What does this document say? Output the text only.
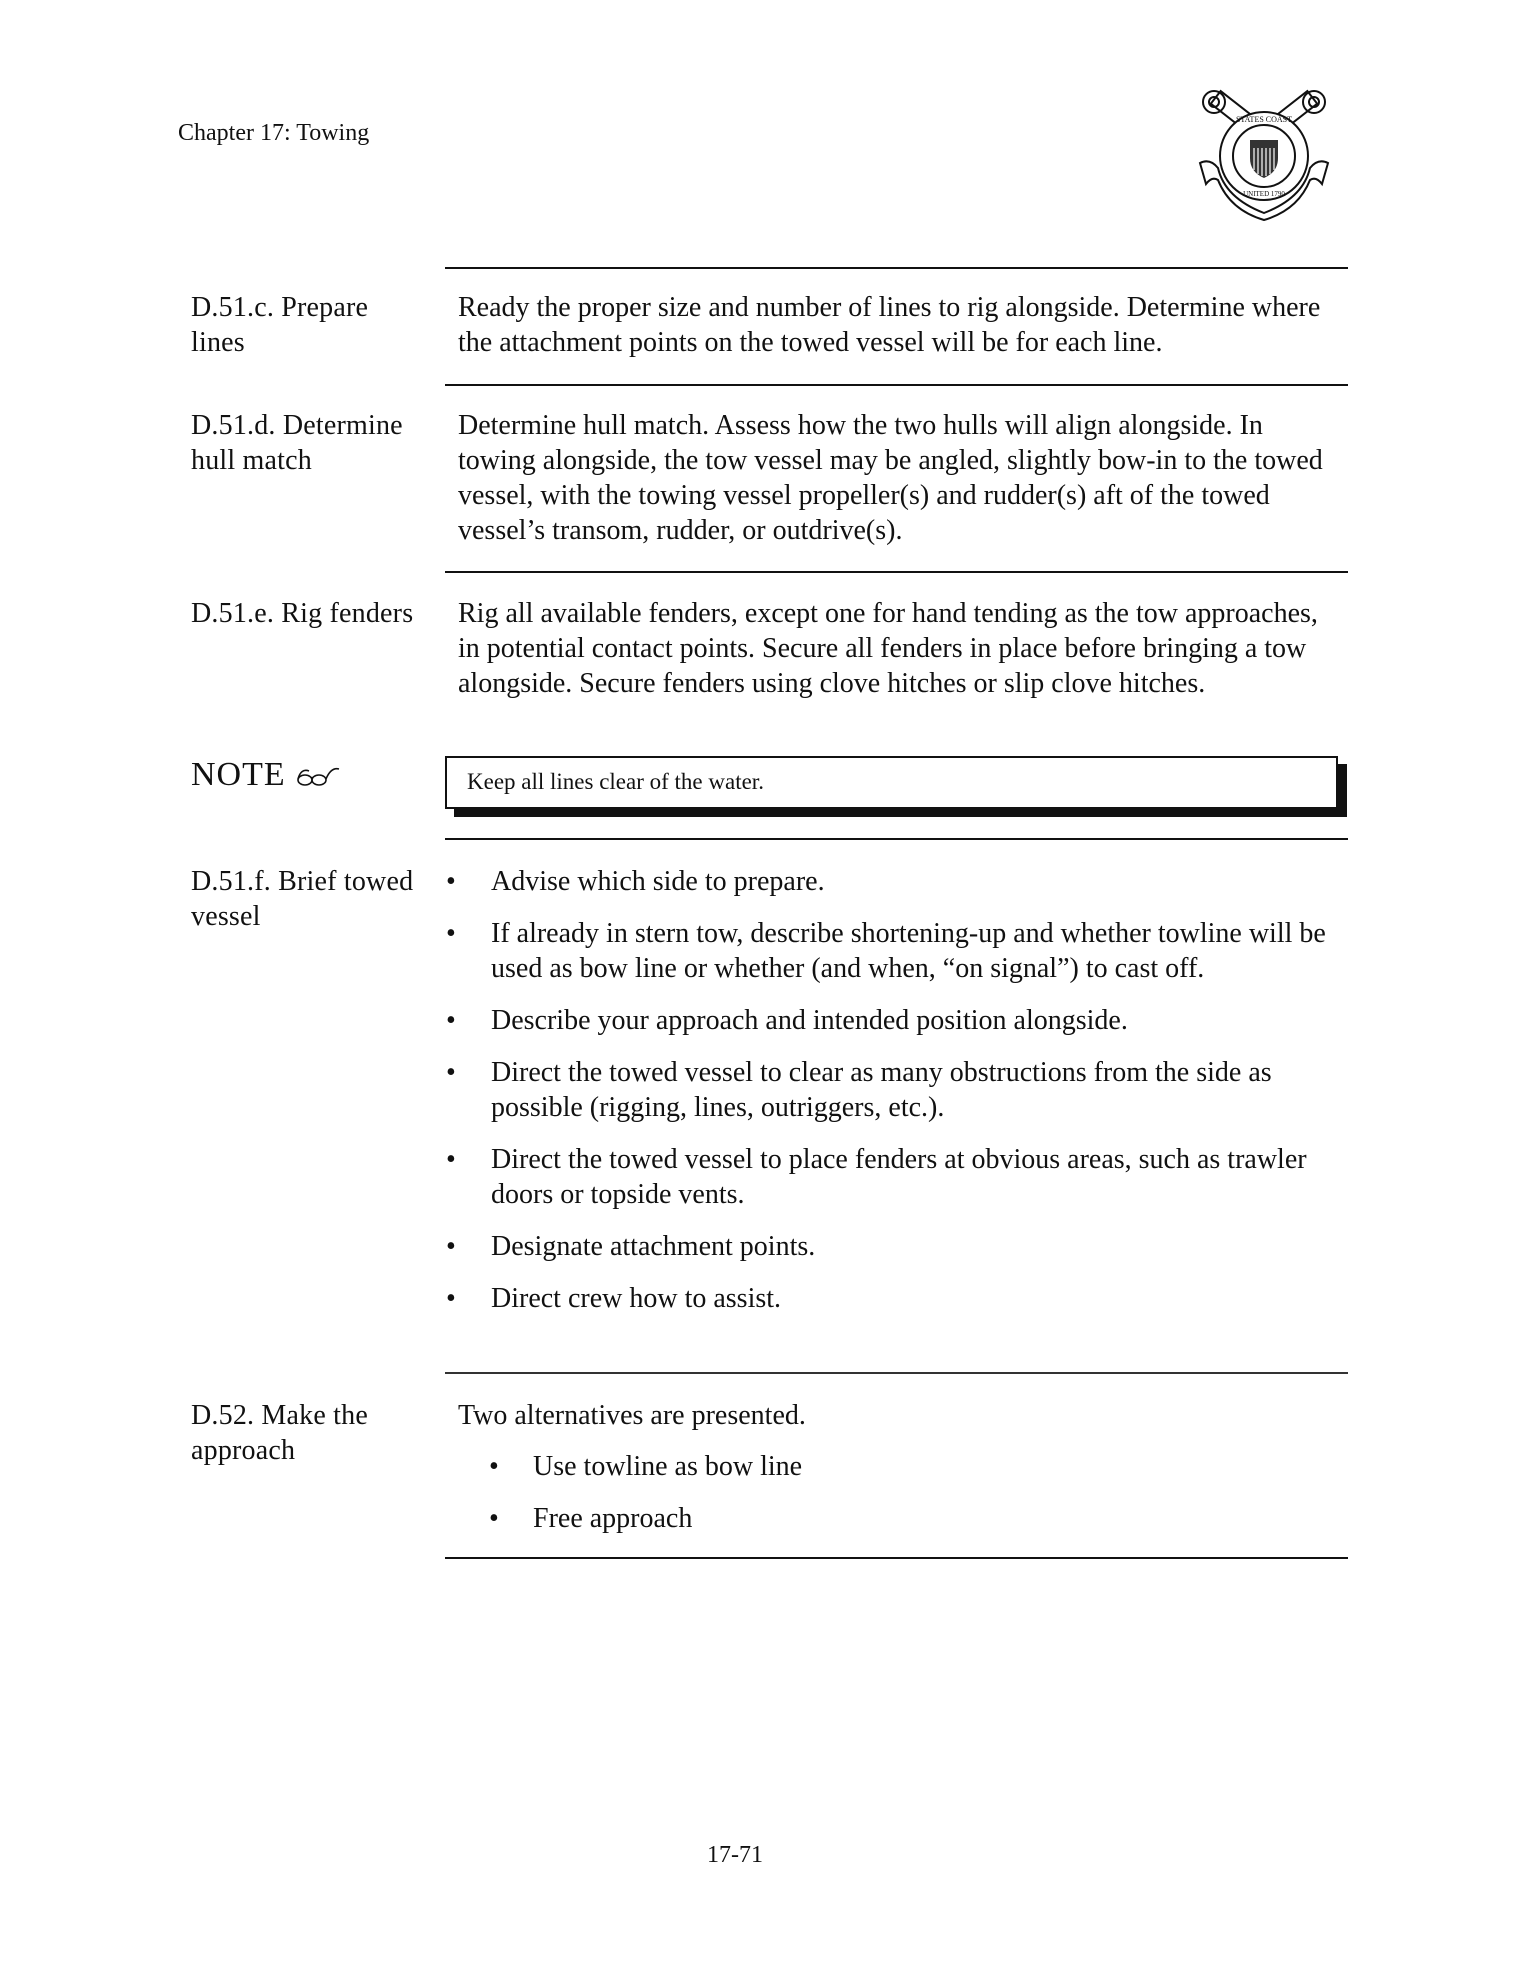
Chapter 17: Towing
STATES COAST
UNITED 1790
D.51.c. Prepare lines
Ready the proper size and number of lines to rig alongside. Determine where the attachment points on the towed vessel will be for each line.
D.51.d. Determine hull match
Determine hull match. Assess how the two hulls will align alongside. In towing alongside, the tow vessel may be angled, slightly bow-in to the towed vessel, with the towing vessel propeller(s) and rudder(s) aft of the towed vessel’s transom, rudder, or outdrive(s).
D.51.e. Rig fenders	Rig all available fenders, except one for hand tending as the tow approaches, in potential contact points. Secure all fenders in place before bringing a tow alongside. Secure fenders using clove hitches or slip clove hitches.
NOTE	Keep all lines clear of the water.
D.51.f. Brief towed vessel
• Advise which side to prepare.
• If already in stern tow, describe shortening-up and whether towline will be used as bow line or whether (and when, “on signal”) to cast off.
• Describe your approach and intended position alongside.
• Direct the towed vessel to clear as many obstructions from the side as possible (rigging, lines, outriggers, etc.).
• Direct the towed vessel to place fenders at obvious areas, such as trawler doors or topside vents.
• Designate attachment points.
• Direct crew how to assist.
D.52. Make the approach
Two alternatives are presented.
• Use towline as bow line
• Free approach
17-71
